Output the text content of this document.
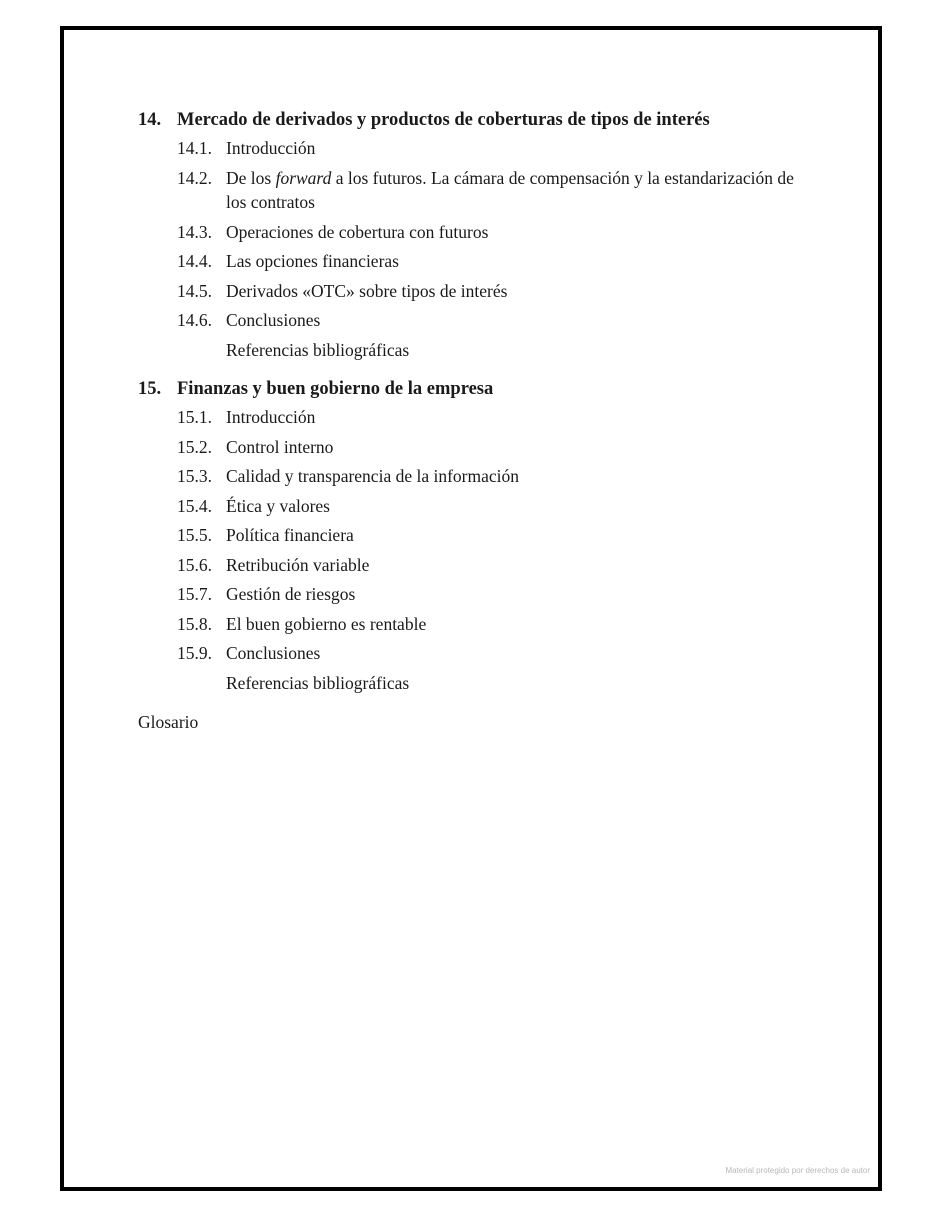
14. Mercado de derivados y productos de coberturas de tipos de interés
14.1. Introducción
14.2. De los forward a los futuros. La cámara de compensación y la estandarización de los contratos
14.3. Operaciones de cobertura con futuros
14.4. Las opciones financieras
14.5. Derivados «OTC» sobre tipos de interés
14.6. Conclusiones
Referencias bibliográficas
15. Finanzas y buen gobierno de la empresa
15.1. Introducción
15.2. Control interno
15.3. Calidad y transparencia de la información
15.4. Ética y valores
15.5. Política financiera
15.6. Retribución variable
15.7. Gestión de riesgos
15.8. El buen gobierno es rentable
15.9. Conclusiones
Referencias bibliográficas
Glosario
Material protegido por derechos de autor
